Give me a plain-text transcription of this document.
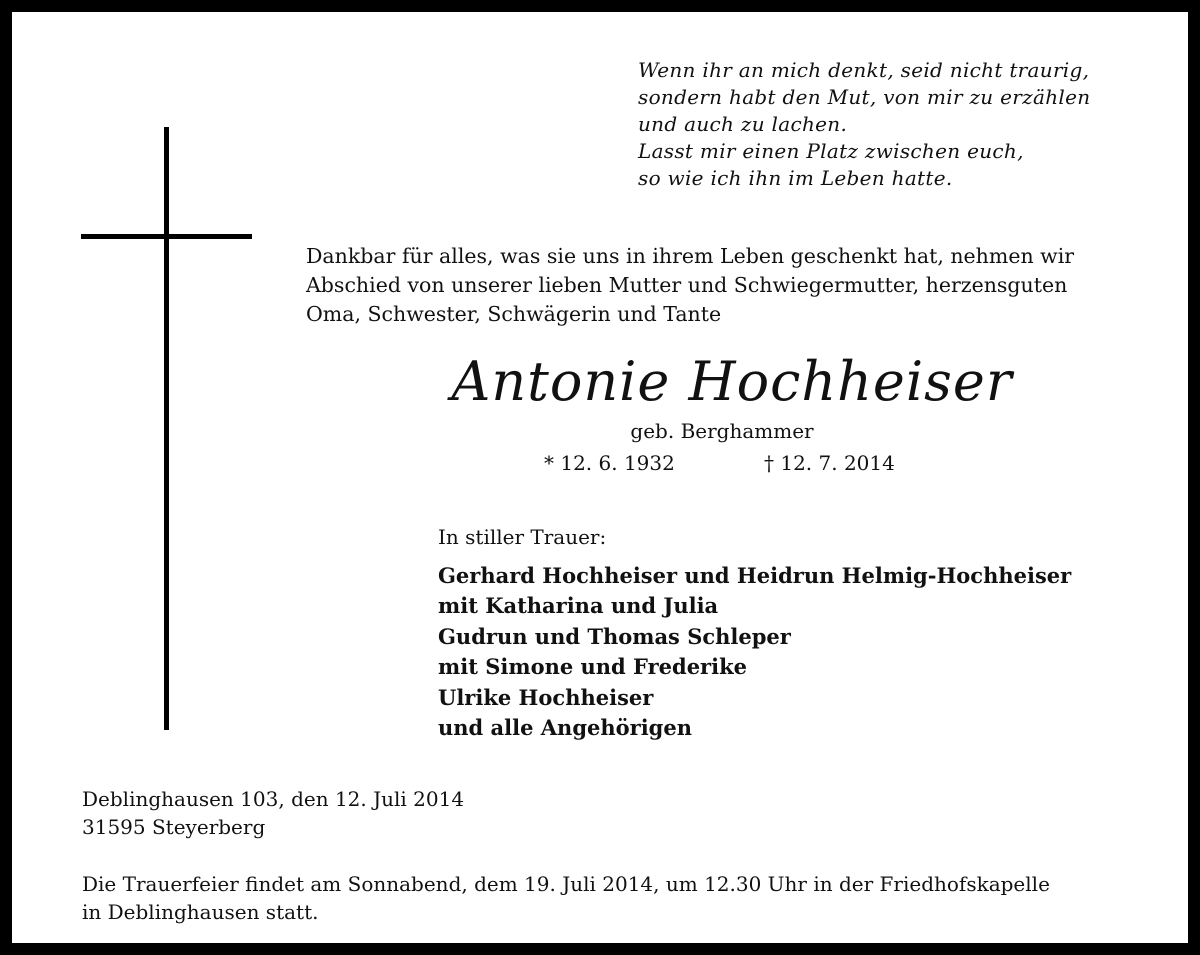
Wenn ihr an mich denkt, seid nicht traurig,
sondern habt den Mut, von mir zu erzählen
und auch zu lachen.
Lasst mir einen Platz zwischen euch,
so wie ich ihn im Leben hatte.
Dankbar für alles, was sie uns in ihrem Leben geschenkt hat, nehmen wir
Abschied von unserer lieben Mutter und Schwiegermutter, herzensguten
Oma, Schwester, Schwägerin und Tante
Antonie Hochheiser
geb. Berghammer
* 12. 6. 1932	† 12. 7. 2014
In stiller Trauer:
Gerhard Hochheiser und Heidrun Helmig-Hochheiser
mit Katharina und Julia
Gudrun und Thomas Schleper
mit Simone und Frederike
Ulrike Hochheiser
und alle Angehörigen
Deblinghausen 103, den 12. Juli 2014
31595 Steyerberg
Die Trauerfeier findet am Sonnabend, dem 19. Juli 2014, um 12.30 Uhr in der Friedhofskapelle
in Deblinghausen statt.
